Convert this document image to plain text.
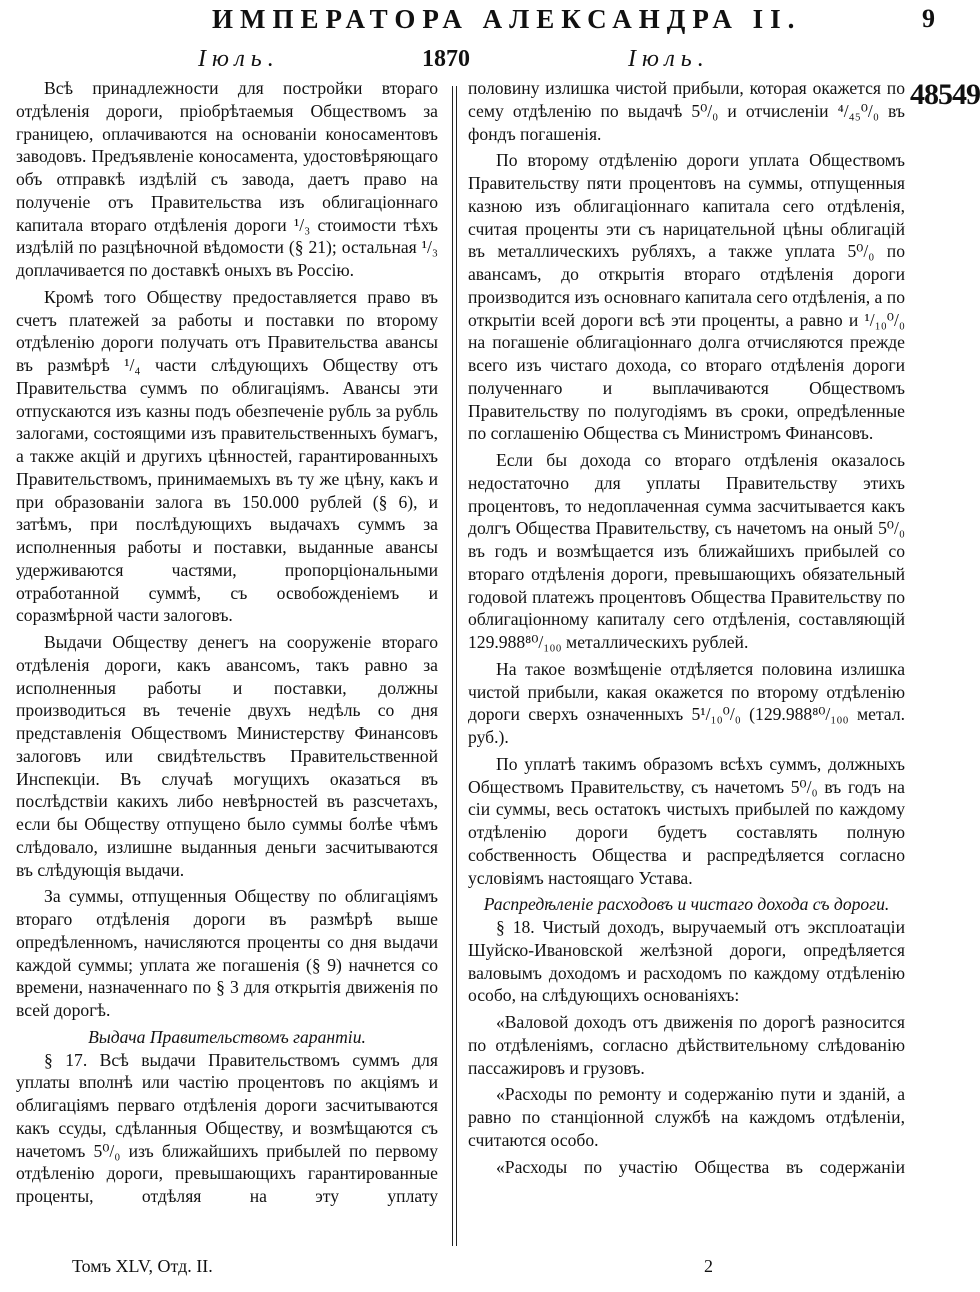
ИМПЕРАТОРА АЛЕКСАНДРА II.	9
Іюль.	1870	Іюль.
48549

Всѣ принадлежности для постройки втораго отдѣленія дороги, пріобрѣтаемыя Обществомъ за границею, оплачиваются на основаніи коносаментовъ заводовъ. Предъявленіе коносамента, удостовѣряющаго объ отправкѣ издѣлій съ завода, даетъ право на полученіе отъ Правительства изъ облигаціоннаго капитала втораго отдѣленія дороги ¹/₃ стоимости тѣхъ издѣлій по разцѣночной вѣдомости (§ 21); остальная ¹/₃ доплачивается по доставкѣ оныхъ въ Россію.

Кромѣ того Обществу предоставляется право въ счетъ платежей за работы и поставки по второму отдѣленію дороги получать отъ Правительства авансы въ размѣрѣ ¹/₄ части слѣдующихъ Обществу отъ Правительства суммъ по облигаціямъ. Авансы эти отпускаются изъ казны подъ обезпеченіе рубль за рубль залогами, состоящими изъ правительственныхъ бумагъ, а также акцій и другихъ цѣнностей, гарантированныхъ Правительствомъ, принимаемыхъ въ ту же цѣну, какъ и при образованіи залога въ 150.000 рублей (§ 6), и затѣмъ, при послѣдующихъ выдачахъ суммъ за исполненныя работы и поставки, выданные авансы удерживаются частями, пропорціональными отработанной суммѣ, съ освобожденіемъ и соразмѣрной части залоговъ.

Выдачи Обществу денегъ на сооруженіе втораго отдѣленія дороги, какъ авансомъ, такъ равно за исполненныя работы и поставки, должны производиться въ теченіе двухъ недѣль со дня представленія Обществомъ Министерству Финансовъ залоговъ или свидѣтельствъ Правительственной Инспекціи. Въ случаѣ могущихъ оказаться въ послѣдствіи какихъ либо невѣрностей въ разсчетахъ, если бы Обществу отпущено было суммы болѣе чѣмъ слѣдовало, излишне выданныя деньги засчитываются въ слѣдующія выдачи.

За суммы, отпущенныя Обществу по облигаціямъ втораго отдѣленія дороги въ размѣрѣ выше опредѣленномъ, начисляются проценты со дня выдачи каждой суммы; уплата же погашенія (§ 9) начнется со времени, назначеннаго по § 3 для открытія движенія по всей дорогѣ.

Выдача Правительствомъ гарантіи.

§ 17. Всѣ выдачи Правительствомъ суммъ для уплаты вполнѣ или частію процентовъ по акціямъ и облигаціямъ перваго отдѣленія дороги засчитываются какъ ссуды, сдѣланныя Обществу, и возмѣщаются съ начетомъ 5⁰/₀ изъ ближайшихъ прибылей по первому отдѣленію дороги, превышающихъ гарантированные проценты, отдѣляя на эту уплату

половину излишка чистой прибыли, которая окажется по сему отдѣленію по выдачѣ 5⁰/₀ и отчисленіи ⁴/₄₅⁰/₀ въ фондъ погашенія.

По второму отдѣленію дороги уплата Обществомъ Правительству пяти процентовъ на суммы, отпущенныя казною изъ облигаціоннаго капитала сего отдѣленія, считая проценты эти съ нарицательной цѣны облигацій въ металлическихъ рубляхъ, а также уплата 5⁰/₀ по авансамъ, до открытія втораго отдѣленія дороги производится изъ основнаго капитала сего отдѣленія, а по открытіи всей дороги всѣ эти проценты, а равно и ¹/₁₀⁰/₀ на погашеніе облигаціоннаго долга отчисляются прежде всего изъ чистаго дохода, со втораго отдѣленія дороги полученнаго и выплачиваются Обществомъ Правительству по полугодіямъ въ сроки, опредѣленные по соглашенію Общества съ Министромъ Финансовъ.

Если бы дохода со втораго отдѣленія оказалось недостаточно для уплаты Правительству этихъ процентовъ, то недоплаченная сумма засчитывается какъ долгъ Общества Правительству, съ начетомъ на оный 5⁰/₀ въ годъ и возмѣщается изъ ближайшихъ прибылей со втораго отдѣленія дороги, превышающихъ обязательный годовой платежъ процентовъ Общества Правительству по облигаціонному капиталу сего отдѣленія, составляющій 129.988⁸⁰/₁₀₀ металлическихъ рублей.

На такое возмѣщеніе отдѣляется половина излишка чистой прибыли, какая окажется по второму отдѣленію дороги сверхъ означенныхъ 5¹/₁₀⁰/₀ (129.988⁸⁰/₁₀₀ метал. руб.).

По уплатѣ такимъ образомъ всѣхъ суммъ, должныхъ Обществомъ Правительству, съ начетомъ 5⁰/₀ въ годъ на сіи суммы, весь остатокъ чистыхъ прибылей по каждому отдѣленію дороги будетъ составлять полную собственность Общества и распредѣляется согласно условіямъ настоящаго Устава.

Распредѣленіе расходовъ и чистаго дохода съ дороги.

§ 18. Чистый доходъ, выручаемый отъ эксплоатаціи Шуйско-Ивановской желѣзной дороги, опредѣляется валовымъ доходомъ и расходомъ по каждому отдѣленію особо, на слѣдующихъ основаніяхъ:

«Валовой доходъ отъ движенія по дорогѣ разносится по отдѣленіямъ, согласно дѣйствительному слѣдованію пассажировъ и грузовъ.

«Расходы по ремонту и содержанію пути и зданій, а равно по станціонной службѣ на каждомъ отдѣленіи, считаются особо.

«Расходы по участію Общества въ содержаніи

Томъ XLV, Отд. II.	2
